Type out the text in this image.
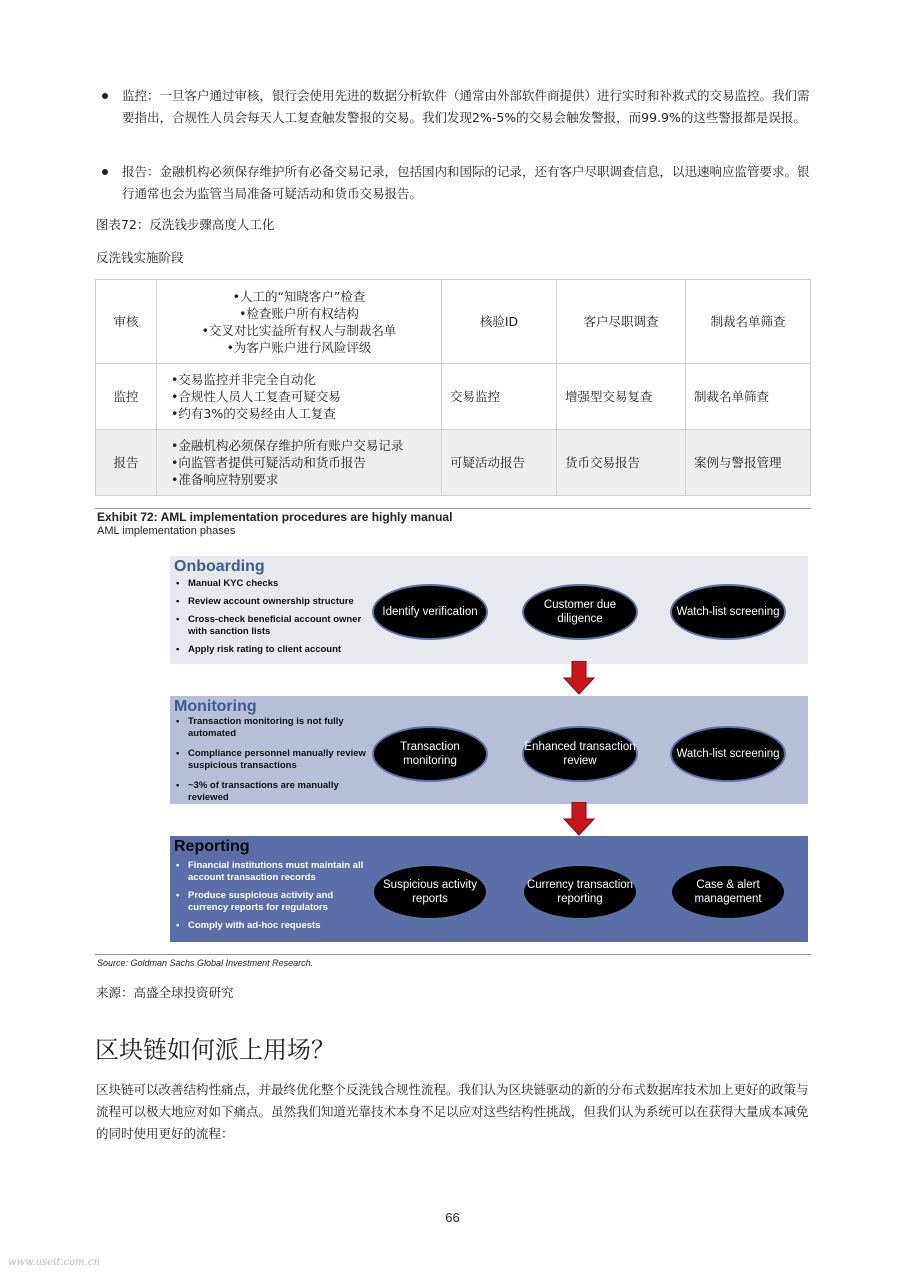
监控：一旦客户通过审核，银行会使用先进的数据分析软件（通常由外部软件商提供）进行实时和补救式的交易监控。我们需要指出，合规性人员会每天人工复查触发警报的交易。我们发现2%-5%的交易会触发警报，而99.9%的这些警报都是误报。
报告：金融机构必须保存维护所有必备交易记录，包括国内和国际的记录，还有客户尽职调查信息，以迅速响应监管要求。银行通常也会为监管当局准备可疑活动和货币交易报告。
图表72：反洗钱步骤高度人工化
反洗钱实施阶段
审核	•人工的“知晓客户”检查
•检查账户所有权结构
•交叉对比实益所有权人与制裁名单
•为客户账户进行风险评级	核验ID	客户尽职调查	制裁名单筛查
监控	•交易监控并非完全自动化
•合规性人员人工复查可疑交易
•约有3%的交易经由人工复查	交易监控	增强型交易复查	制裁名单筛查
报告	•金融机构必须保存维护所有账户交易记录
•向监管者提供可疑活动和货币报告
•准备响应特别要求	可疑活动报告	货币交易报告	案例与警报管理
Exhibit 72: AML implementation procedures are highly manual
AML implementation phases
Onboarding
• Manual KYC checks
• Review account ownership structure
• Cross-check beneficial account owner with sanction lists
• Apply risk rating to client account
Identify verification
Customer due diligence
Watch-list screening
Monitoring
• Transaction monitoring is not fully automated
• Compliance personnel manually review suspicious transactions
• ~3% of transactions are manually reviewed
Transaction monitoring
Enhanced transaction review
Watch-list screening
Reporting
• Financial institutions must maintain all account transaction records
• Produce suspicious activity and currency reports for regulators
• Comply with ad-hoc requests
Suspicious activity reports
Currency transaction reporting
Case & alert management
Source: Goldman Sachs Global Investment Research.
来源：高盛全球投资研究
区块链如何派上用场？
区块链可以改善结构性痛点，并最终优化整个反洗钱合规性流程。我们认为区块链驱动的新的分布式数据库技术加上更好的政策与流程可以极大地应对如下痛点。虽然我们知道光靠技术本身不足以应对这些结构性挑战，但我们认为系统可以在获得大量成本减免的同时使用更好的流程：
66
www.useit.com.cn
